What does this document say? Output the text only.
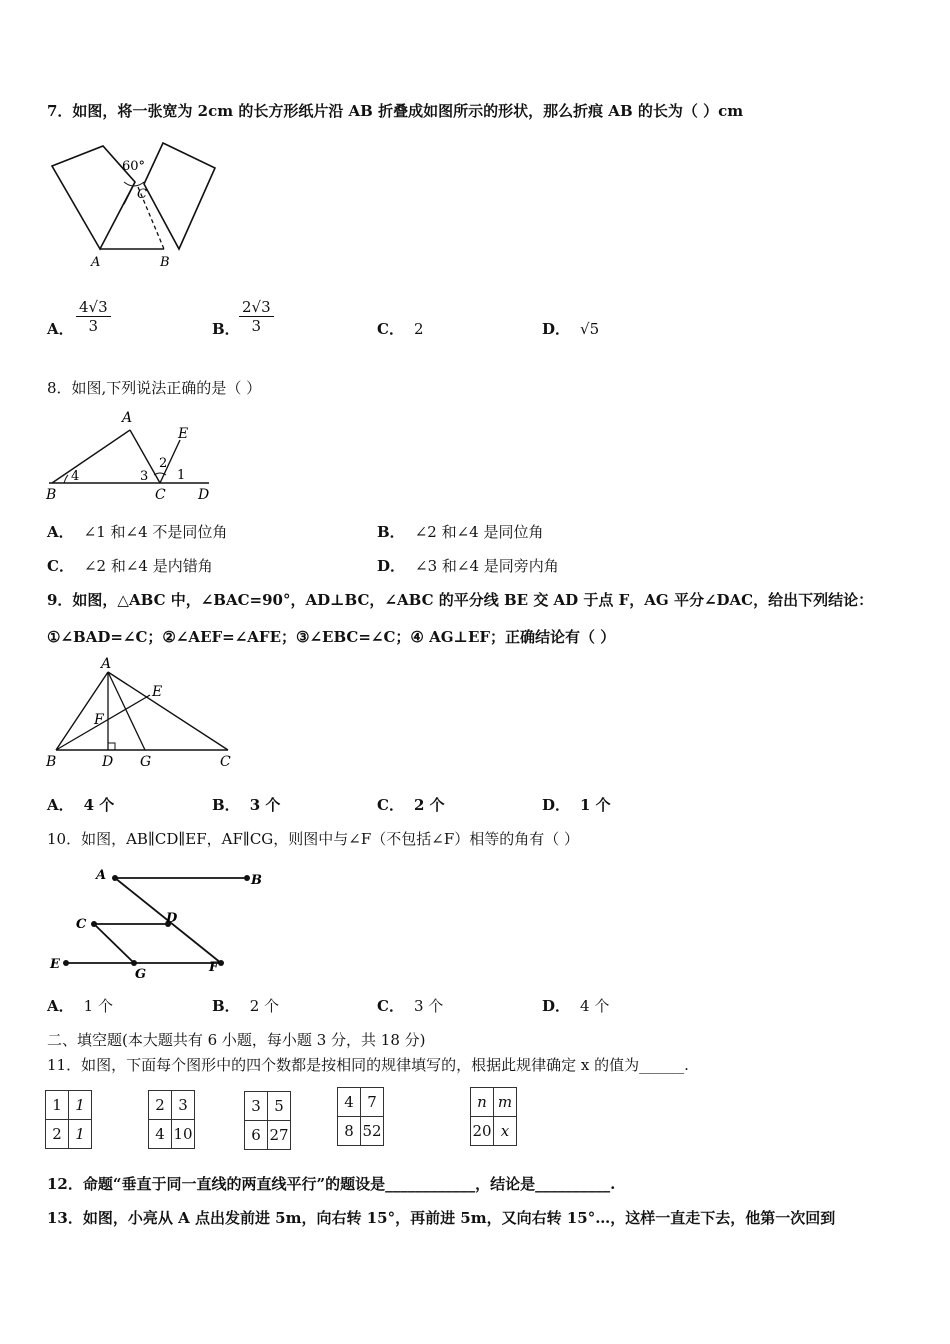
7．如图，将一张宽为 2cm 的长方形纸片沿 AB 折叠成如图所示的形状，那么折痕 AB 的长为（ ）cm
60°
C
A	B
A． $\frac{4√3}{3}$	B． $\frac{2√3}{3}$	C． 2	D． √5
8．如图,下列说法正确的是（ ）
A
E
B	C D
4	3
2
1
A． ∠1 和∠4 不是同位角	B． ∠2 和∠4 是同位角
C． ∠2 和∠4 是内错角	D． ∠3 和∠4 是同旁内角
9．如图，△ABC 中，∠BAC=90°，AD⊥BC，∠ABC 的平分线 BE 交 AD 于点 F，AG 平分∠DAC，给出下列结论：
①∠BAD=∠C；②∠AEF=∠AFE；③∠EBC=∠C；④ AG⊥EF；正确结论有（ ）
A
E
F
B	D G	C
A． 4 个	B． 3 个	C． 2 个	D． 1 个
10．如图，AB∥CD∥EF，AF∥CG，则图中与∠F（不包括∠F）相等的角有（ ）
A	B
C	D
E
G	F
A． 1 个	B． 2 个	C． 3 个	D． 4 个
二、填空题(本大题共有 6 小题，每小题 3 分，共 18 分)
11．如图，下面每个图形中的四个数都是按相同的规律填写的，根据此规律确定 x 的值为______.
1	1
2	1
2	3
4	10
3	5
6	27
4	7
8	52
n	m
20	x
12．命题“垂直于同一直线的两直线平行”的题设是____________，结论是__________.
13．如图，小亮从 A 点出发前进 5m，向右转 15°，再前进 5m，又向右转 15°…，这样一直走下去，他第一次回到
